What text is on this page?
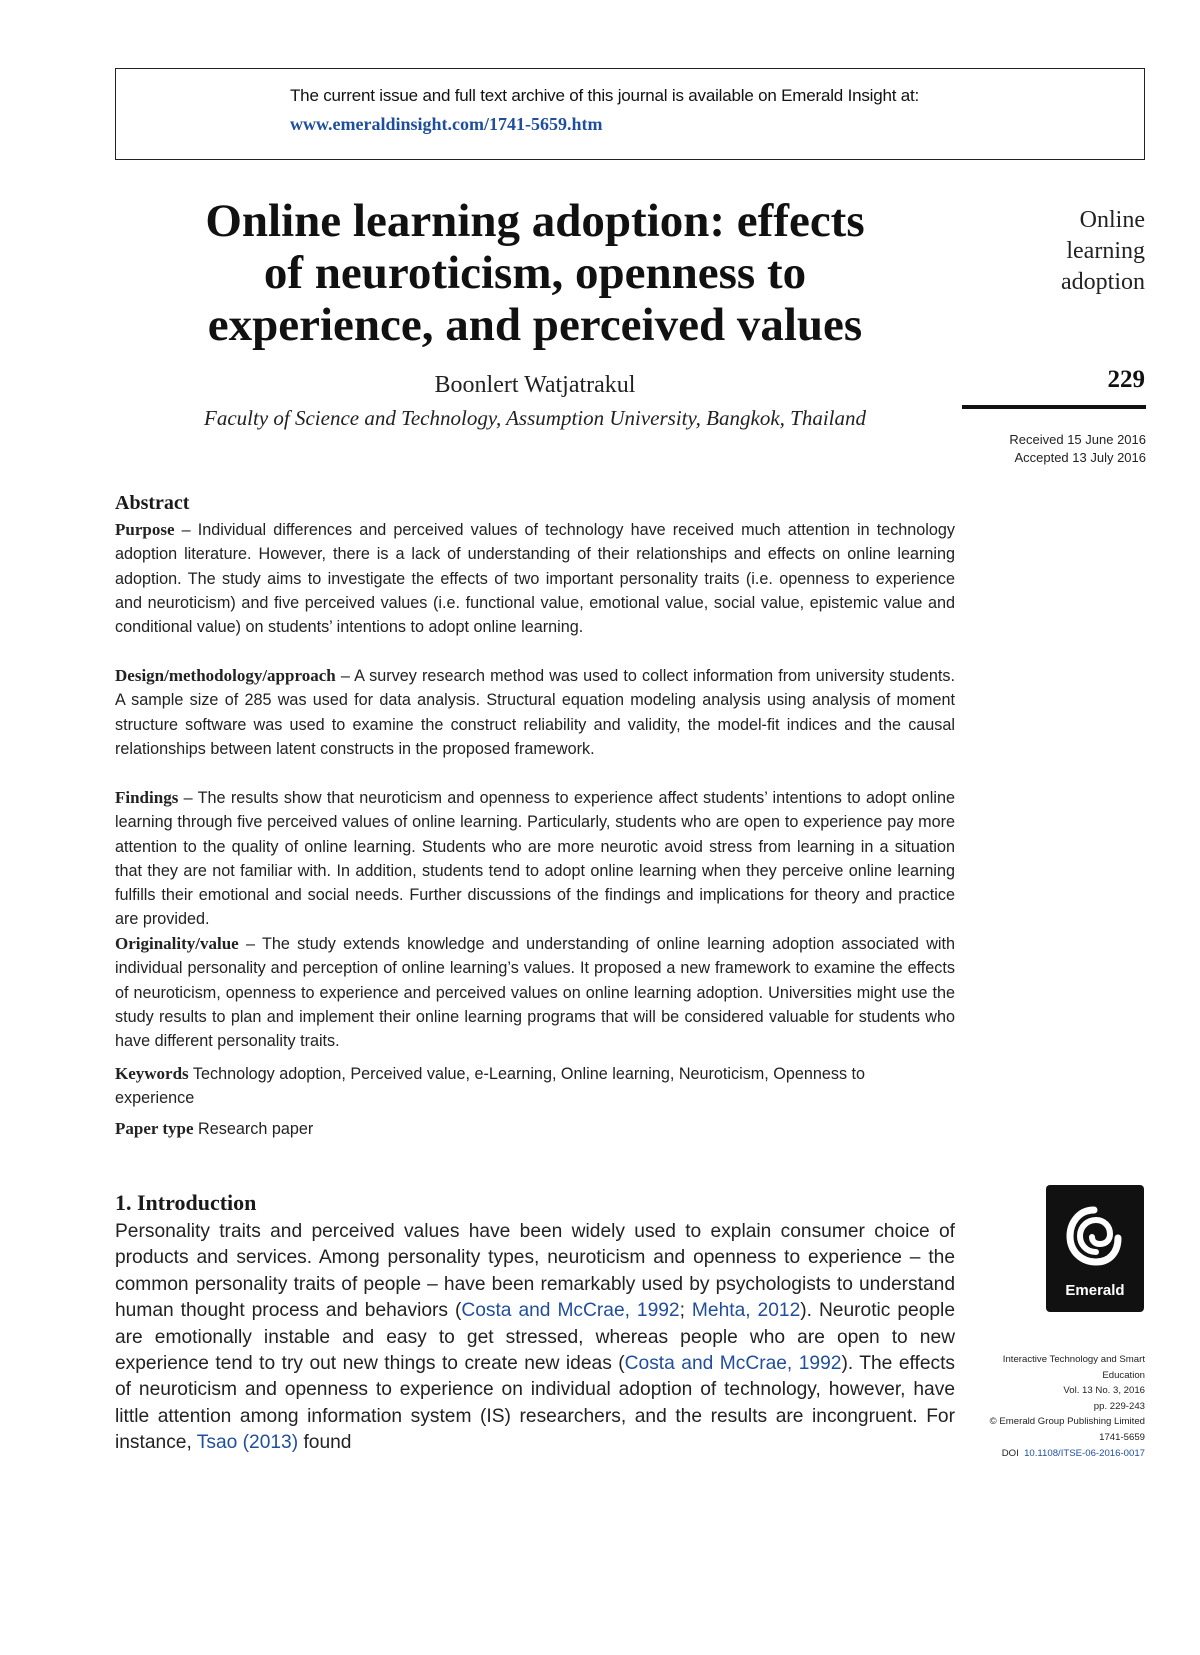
The current issue and full text archive of this journal is available on Emerald Insight at:
www.emeraldinsight.com/1741-5659.htm
Online learning adoption: effects
of neuroticism, openness to
experience, and perceived values
Boonlert Watjatrakul
Faculty of Science and Technology, Assumption University, Bangkok, Thailand
Online
learning
adoption
229
Received 15 June 2016
Accepted 13 July 2016
Abstract
Purpose – Individual differences and perceived values of technology have received much attention in technology adoption literature. However, there is a lack of understanding of their relationships and effects on online learning adoption. The study aims to investigate the effects of two important personality traits (i.e. openness to experience and neuroticism) and five perceived values (i.e. functional value, emotional value, social value, epistemic value and conditional value) on students’ intentions to adopt online learning.
Design/methodology/approach – A survey research method was used to collect information from university students. A sample size of 285 was used for data analysis. Structural equation modeling analysis using analysis of moment structure software was used to examine the construct reliability and validity, the model-fit indices and the causal relationships between latent constructs in the proposed framework.
Findings – The results show that neuroticism and openness to experience affect students’ intentions to adopt online learning through five perceived values of online learning. Particularly, students who are open to experience pay more attention to the quality of online learning. Students who are more neurotic avoid stress from learning in a situation that they are not familiar with. In addition, students tend to adopt online learning when they perceive online learning fulfills their emotional and social needs. Further discussions of the findings and implications for theory and practice are provided.
Originality/value – The study extends knowledge and understanding of online learning adoption associated with individual personality and perception of online learning’s values. It proposed a new framework to examine the effects of neuroticism, openness to experience and perceived values on online learning adoption. Universities might use the study results to plan and implement their online learning programs that will be considered valuable for students who have different personality traits.
Keywords Technology adoption, Perceived value, e-Learning, Online learning, Neuroticism, Openness to experience
Paper type Research paper
1. Introduction
Personality traits and perceived values have been widely used to explain consumer choice of products and services. Among personality types, neuroticism and openness to experience – the common personality traits of people – have been remarkably used by psychologists to understand human thought process and behaviors (Costa and McCrae, 1992; Mehta, 2012). Neurotic people are emotionally instable and easy to get stressed, whereas people who are open to new experience tend to try out new things to create new ideas (Costa and McCrae, 1992). The effects of neuroticism and openness to experience on individual adoption of technology, however, have little attention among information system (IS) researchers, and the results are incongruent. For instance, Tsao (2013) found
Emerald
Interactive Technology and Smart
Education
Vol. 13 No. 3, 2016
pp. 229-243
© Emerald Group Publishing Limited
1741-5659
DOI 10.1108/ITSE-06-2016-0017
